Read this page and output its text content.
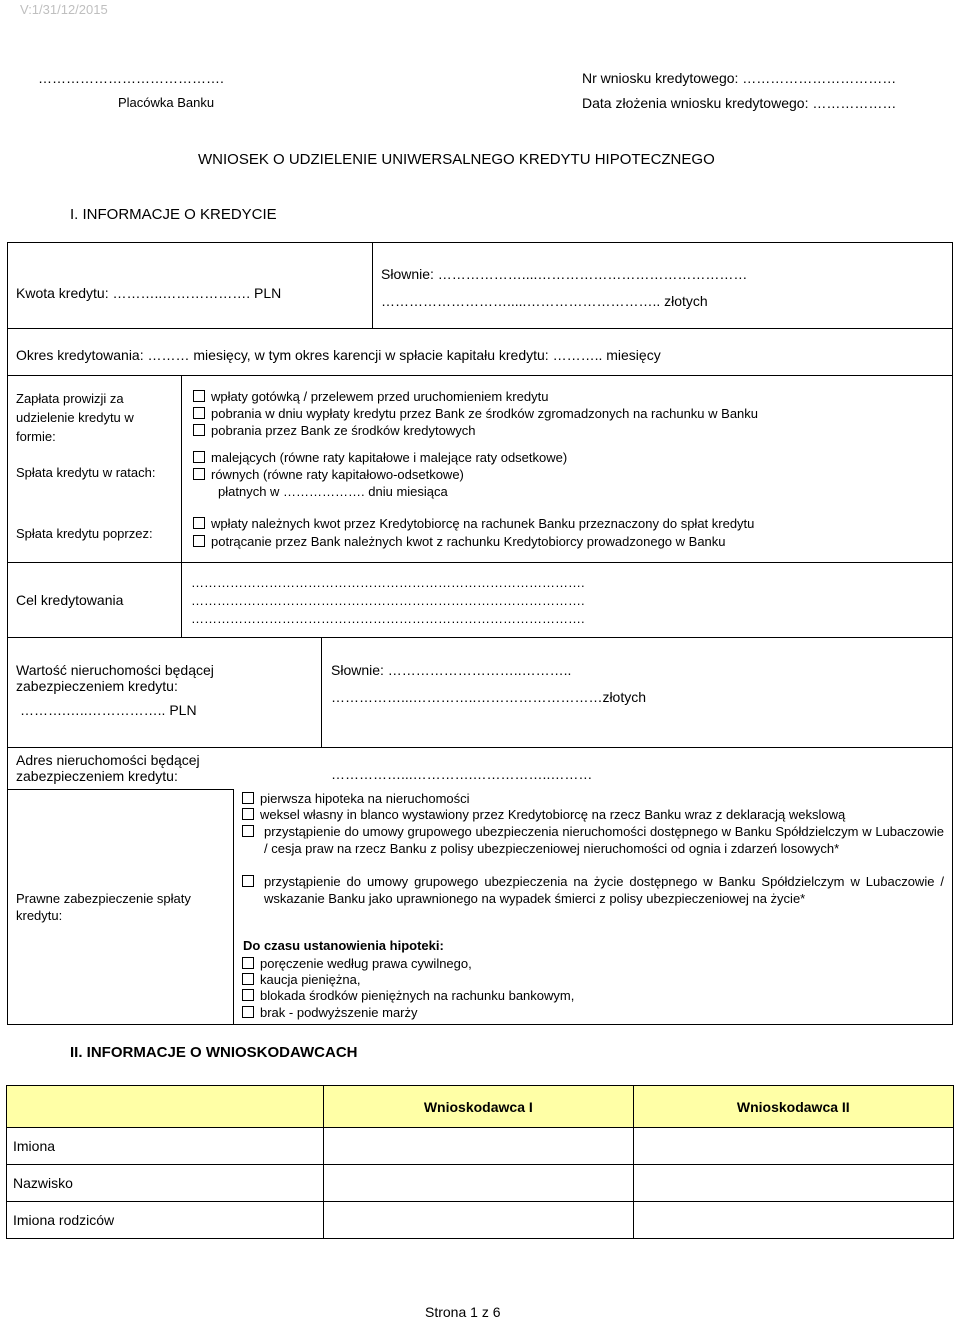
V:1/31/12/2015
………………………………….
Placówka Banku
Nr wniosku kredytowego: ……………………………
Data złożenia wniosku kredytowego: ………………
WNIOSEK O UDZIELENIE UNIWERSALNEGO KREDYTU HIPOTECZNEGO
I. INFORMACJE O KREDYCIE
Kwota kredytu: ………..………………. PLN
Słownie: ………………....………………………………………
……………………….....……………………….. złotych
Okres kredytowania: ……… miesięcy, w tym okres karencji w spłacie kapitału kredytu: ……….. miesięcy
Zapłata prowizji za udzielenie kredytu w formie:
wpłaty gotówką / przelewem przed uruchomieniem kredytu
pobrania w dniu wypłaty kredytu przez Bank ze środków zgromadzonych na rachunku w Banku
pobrania przez Bank ze środków kredytowych
Spłata kredytu w ratach:
malejących (równe raty kapitałowe i malejące raty odsetkowe)
równych (równe raty kapitałowo-odsetkowe)
płatnych w ………………. dniu miesiąca
Spłata kredytu poprzez:
wpłaty należnych kwot przez Kredytobiorcę na rachunek Banku przeznaczony do spłat kredytu
potrącanie przez Bank należnych kwot z rachunku Kredytobiorcy prowadzonego w Banku
Cel kredytowania
……………………………………………………………………………….
……………………………………………………………………………….
……………………………………………………………………………….
Wartość nieruchomości będącej zabezpieczeniem kredytu:
……….…..…………….. PLN
Słownie: ………………………..………..
……………...…………..………………………złotych
Adres nieruchomości będącej zabezpieczeniem kredytu:	……………...………….……………..………
Prawne zabezpieczenie spłaty kredytu:
pierwsza hipoteka na nieruchomości
weksel własny in blanco wystawiony przez Kredytobiorcę na rzecz Banku wraz z deklaracją wekslową
przystąpienie do umowy grupowego ubezpieczenia nieruchomości dostępnego w Banku Spółdzielczym w Lubaczowie / cesja praw na rzecz Banku z polisy ubezpieczeniowej nieruchomości od ognia i zdarzeń losowych*
przystąpienie do umowy grupowego ubezpieczenia na życie dostępnego w Banku Spółdzielczym w Lubaczowie / wskazanie Banku jako uprawnionego na wypadek śmierci z polisy ubezpieczeniowej na życie*
Do czasu ustanowienia hipoteki:
poręczenie według prawa cywilnego,
kaucja pieniężna,
blokada środków pieniężnych na rachunku bankowym,
brak - podwyższenie marży
II. INFORMACJE O WNIOSKODAWCACH
	Wnioskodawca I	Wnioskodawca II
Imiona		
Nazwisko		
Imiona rodziców		
Strona 1 z 6
